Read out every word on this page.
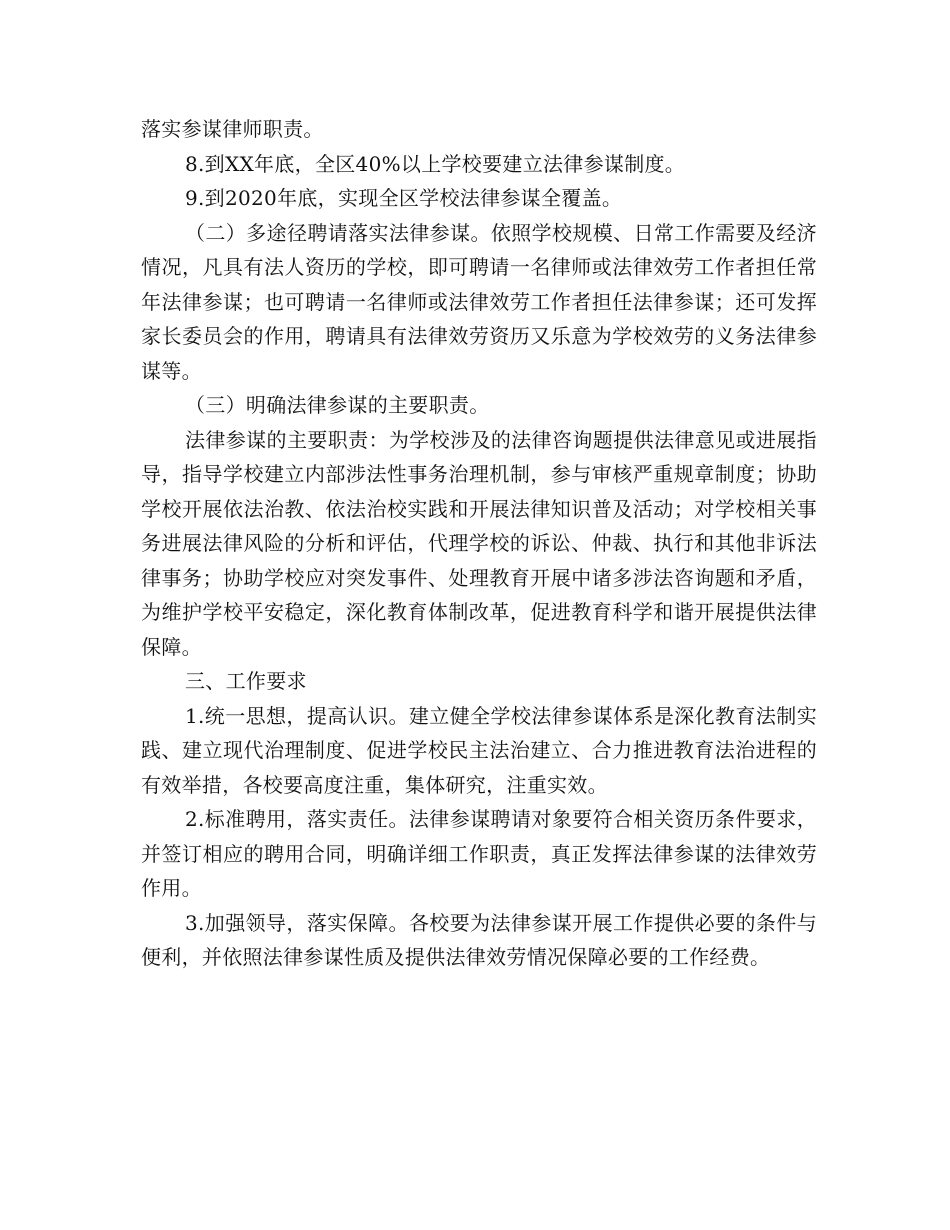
落实参谋律师职责。

8.到XX年底，全区40%以上学校要建立法律参谋制度。

9.到2020年底，实现全区学校法律参谋全覆盖。

（二）多途径聘请落实法律参谋。依照学校规模、日常工作需要及经济情况，凡具有法人资历的学校，即可聘请一名律师或法律效劳工作者担任常年法律参谋；也可聘请一名律师或法律效劳工作者担任法律参谋；还可发挥家长委员会的作用，聘请具有法律效劳资历又乐意为学校效劳的义务法律参谋等。

（三）明确法律参谋的主要职责。

法律参谋的主要职责：为学校涉及的法律咨询题提供法律意见或进展指导，指导学校建立内部涉法性事务治理机制，参与审核严重规章制度；协助学校开展依法治教、依法治校实践和开展法律知识普及活动；对学校相关事务进展法律风险的分析和评估，代理学校的诉讼、仲裁、执行和其他非诉法律事务；协助学校应对突发事件、处理教育开展中诸多涉法咨询题和矛盾，为维护学校平安稳定，深化教育体制改革，促进教育科学和谐开展提供法律保障。

三、工作要求

1.统一思想，提高认识。建立健全学校法律参谋体系是深化教育法制实践、建立现代治理制度、促进学校民主法治建立、合力推进教育法治进程的有效举措，各校要高度注重，集体研究，注重实效。

2.标准聘用，落实责任。法律参谋聘请对象要符合相关资历条件要求，并签订相应的聘用合同，明确详细工作职责，真正发挥法律参谋的法律效劳作用。

3.加强领导，落实保障。各校要为法律参谋开展工作提供必要的条件与便利，并依照法律参谋性质及提供法律效劳情况保障必要的工作经费。
